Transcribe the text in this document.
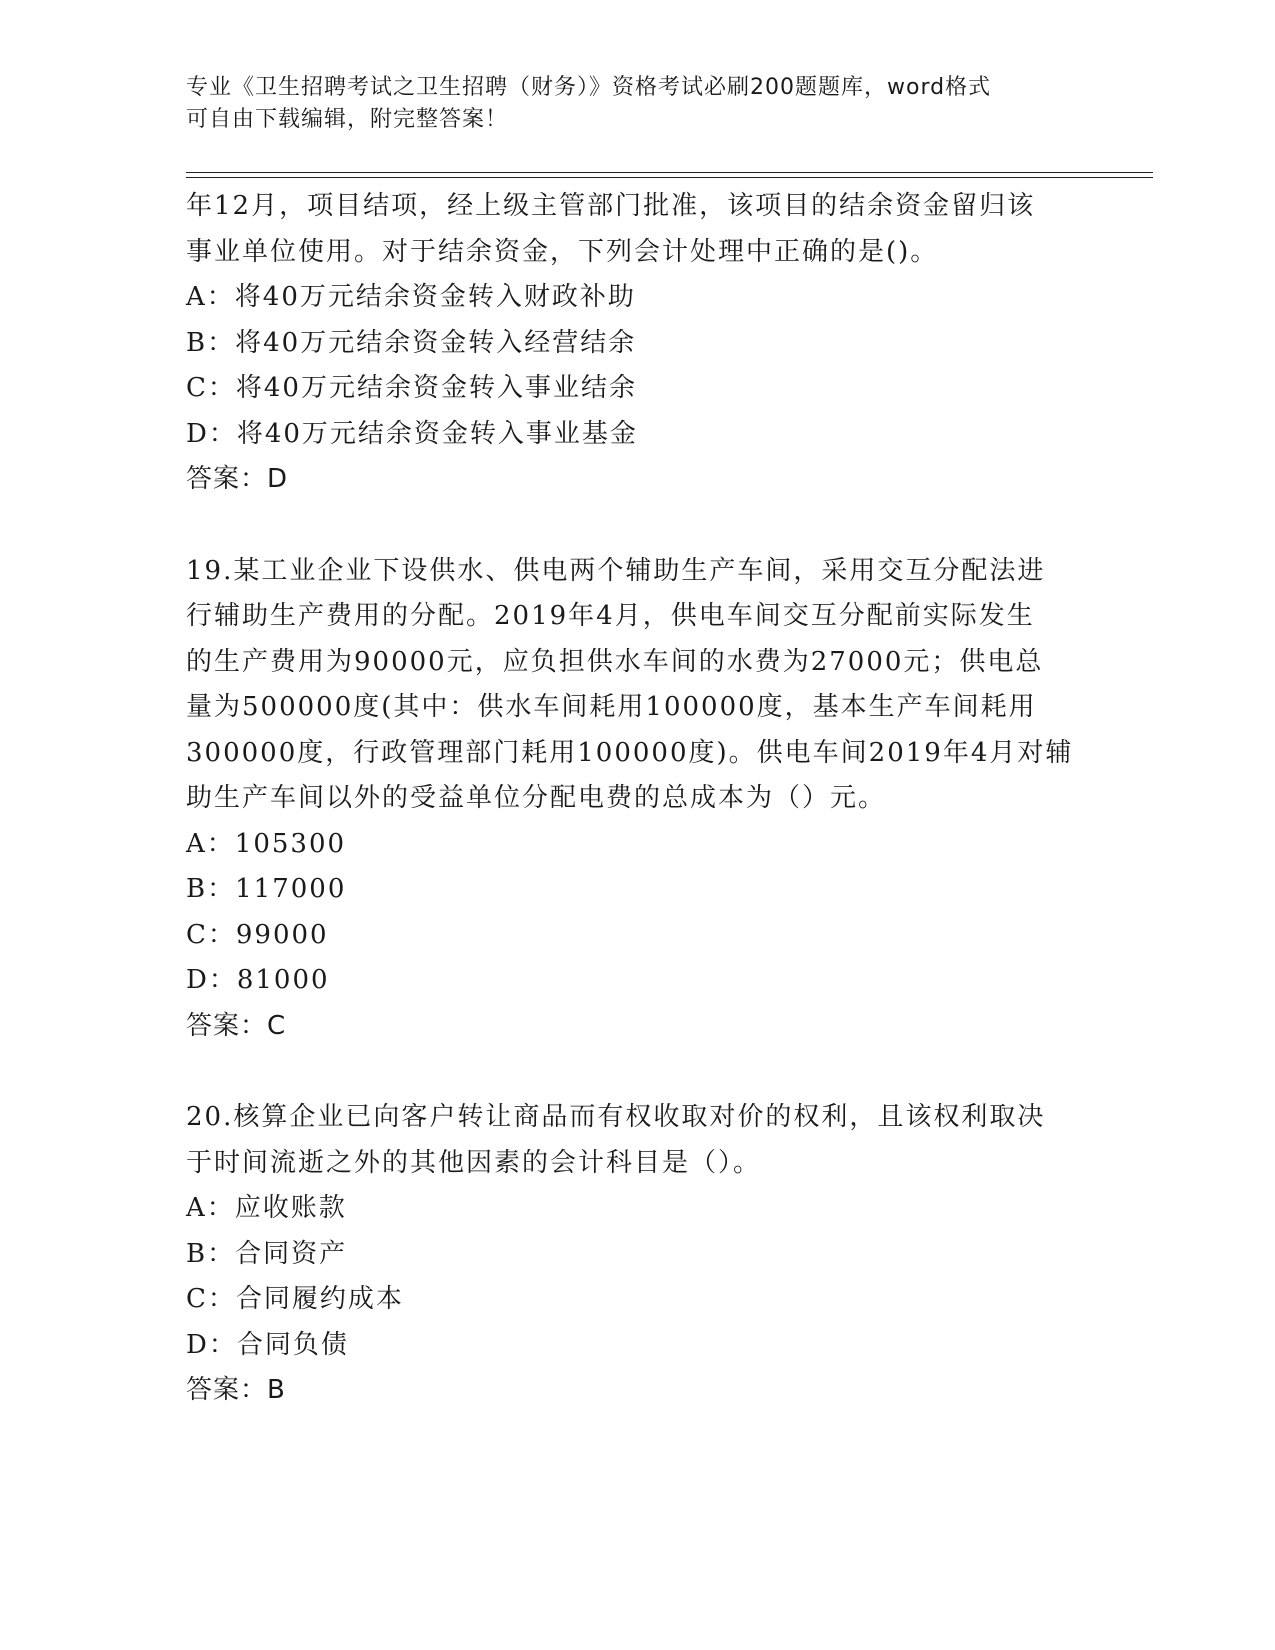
专业《卫生招聘考试之卫生招聘（财务）》资格考试必刷200题题库，word格式
可自由下载编辑，附完整答案！
年12月，项目结项，经上级主管部门批准，该项目的结余资金留归该
事业单位使用。对于结余资金，下列会计处理中正确的是()。
A：将40万元结余资金转入财政补助
B：将40万元结余资金转入经营结余
C：将40万元结余资金转入事业结余
D：将40万元结余资金转入事业基金
答案：D
19.某工业企业下设供水、供电两个辅助生产车间，采用交互分配法进
行辅助生产费用的分配。2019年4月，供电车间交互分配前实际发生
的生产费用为90000元，应负担供水车间的水费为27000元；供电总
量为500000度(其中：供水车间耗用100000度，基本生产车间耗用
300000度，行政管理部门耗用100000度)。供电车间2019年4月对辅
助生产车间以外的受益单位分配电费的总成本为（）元。
A：105300
B：117000
C：99000
D：81000
答案：C
20.核算企业已向客户转让商品而有权收取对价的权利，且该权利取决
于时间流逝之外的其他因素的会计科目是（）。
A：应收账款
B：合同资产
C：合同履约成本
D：合同负债
答案：B
